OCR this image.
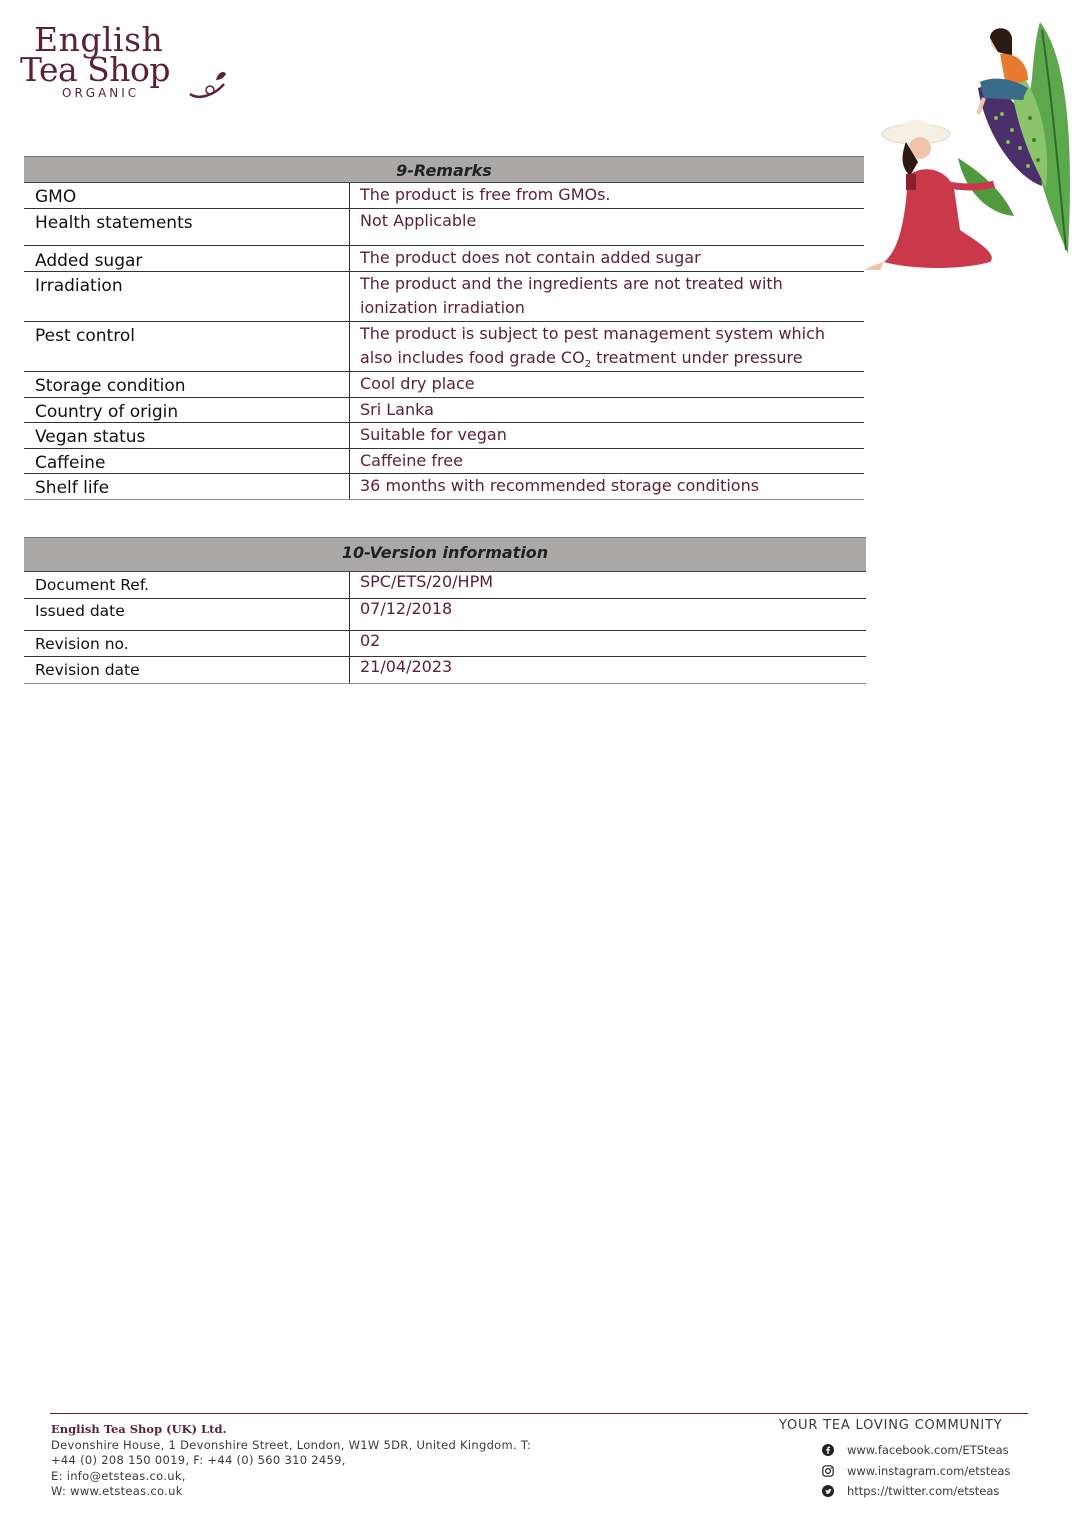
English
Tea Shop
ORGANIC
9-Remarks
GMO	The product is free from GMOs.
Health statements	Not Applicable
Added sugar	The product does not contain added sugar
Irradiation	The product and the ingredients are not treated with
ionization irradiation
Pest control	The product is subject to pest management system which
also includes food grade $CO_2$ treatment under pressure
Storage condition	Cool dry place
Country of origin	Sri Lanka
Vegan status	Suitable for vegan
Caffeine	Caffeine free
Shelf life	36 months with recommended storage conditions
10-Version information
Document Ref.	SPC/ETS/20/HPM
Issued date	07/12/2018
Revision no.	02
Revision date	21/04/2023
English Tea Shop (UK) Ltd.
Devonshire House, 1 Devonshire Street, London, W1W 5DR, United Kingdom. T:
+44 (0) 208 150 0019, F: +44 (0) 560 310 2459,
E: info@etsteas.co.uk,
W: www.etsteas.co.uk
YOUR TEA LOVING COMMUNITY
www.facebook.com/ETSteas
www.instagram.com/etsteas
https://twitter.com/etsteas
